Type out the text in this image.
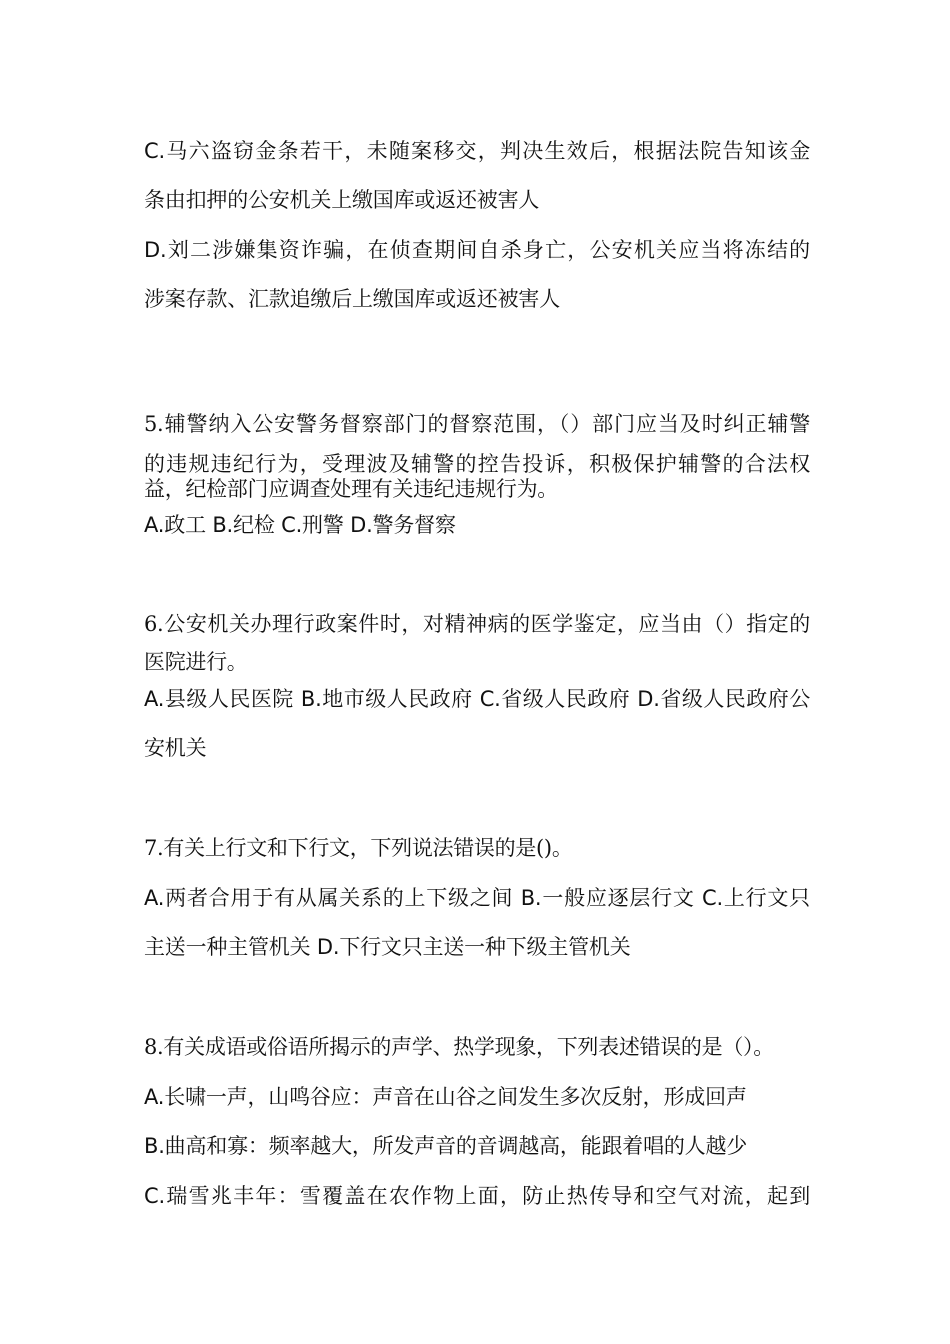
C.马六盗窃金条若干，未随案移交，判决生效后，根据法院告知该金
条由扣押的公安机关上缴国库或返还被害人
D.刘二涉嫌集资诈骗，在侦查期间自杀身亡，公安机关应当将冻结的
涉案存款、汇款追缴后上缴国库或返还被害人
5.辅警纳入公安警务督察部门的督察范围，（）部门应当及时纠正辅警
的违规违纪行为，受理波及辅警的控告投诉，积极保护辅警的合法权
益，纪检部门应调查处理有关违纪违规行为。
A.政工 B.纪检 C.刑警 D.警务督察
6.公安机关办理行政案件时，对精神病的医学鉴定，应当由（）指定的
医院进行。
A.县级人民医院 B.地市级人民政府 C.省级人民政府 D.省级人民政府公
安机关
7.有关上行文和下行文，下列说法错误的是()。
A.两者合用于有从属关系的上下级之间 B.一般应逐层行文 C.上行文只
主送一种主管机关 D.下行文只主送一种下级主管机关
8.有关成语或俗语所揭示的声学、热学现象，下列表述错误的是（）。
A.长啸一声，山鸣谷应：声音在山谷之间发生多次反射，形成回声
B.曲高和寡：频率越大，所发声音的音调越高，能跟着唱的人越少
C.瑞雪兆丰年：雪覆盖在农作物上面，防止热传导和空气对流，起到
